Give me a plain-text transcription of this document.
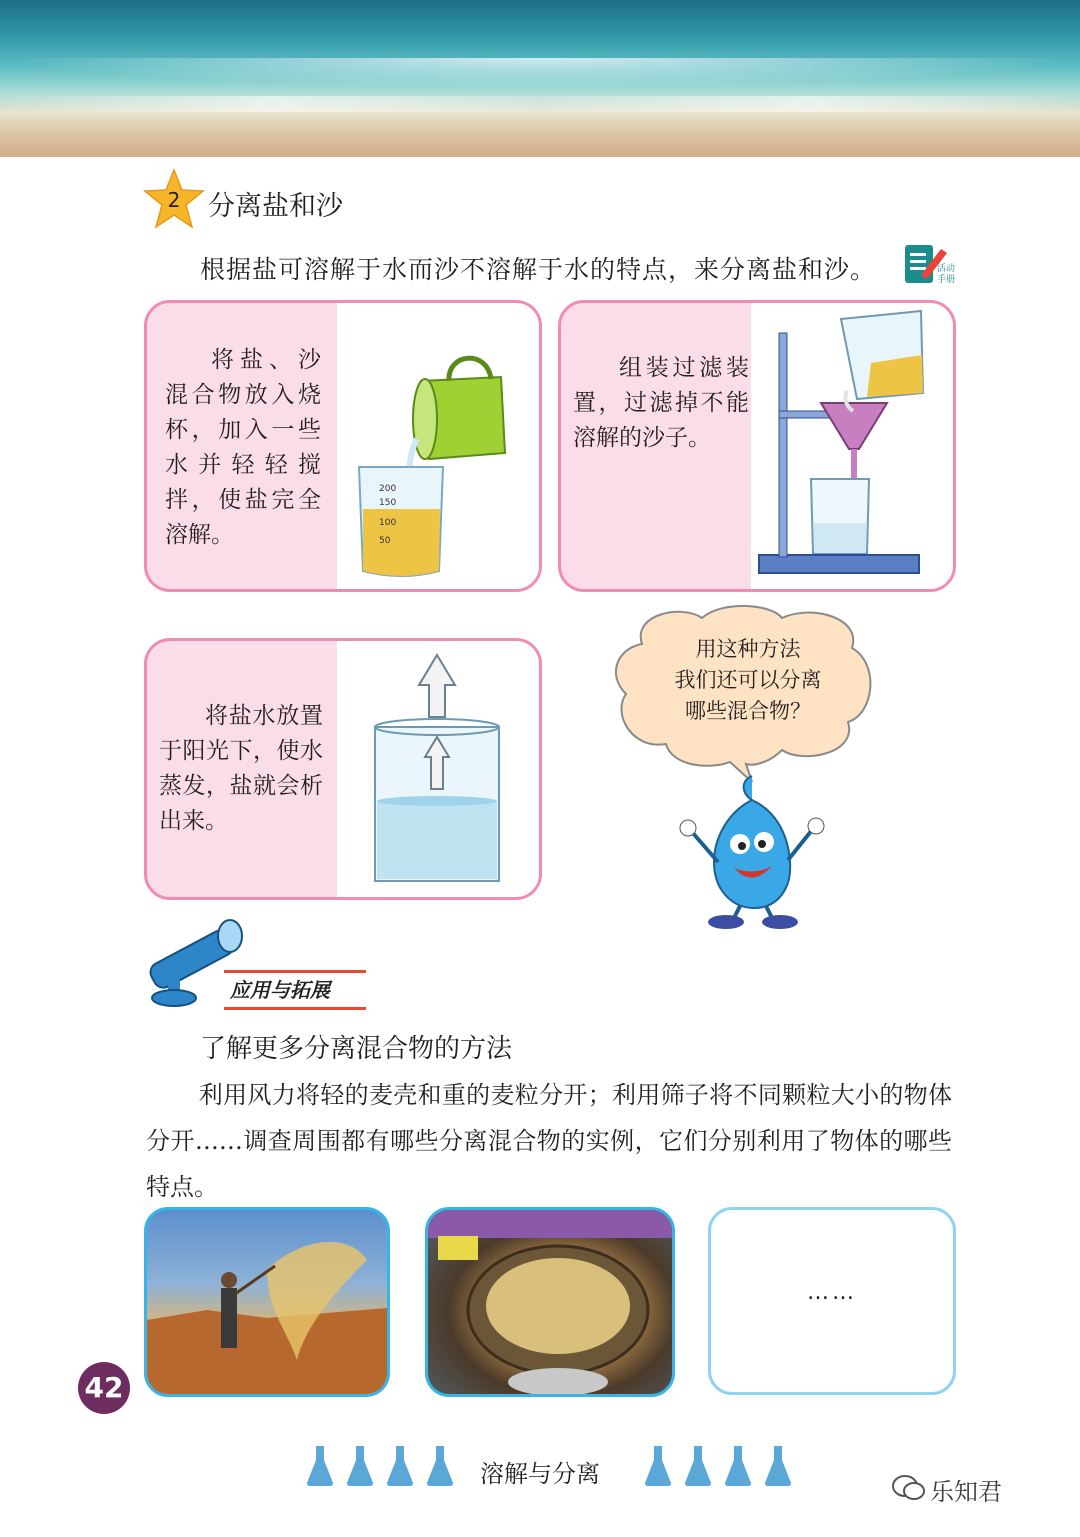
2 分离盐和沙
根据盐可溶解于水而沙不溶解于水的特点，来分离盐和沙。	活动
手册
将盐、沙混合物放入烧杯，加入一些水并轻轻搅拌，使盐完全溶解。
200
150
100
50
组装过滤装置，过滤掉不能溶解的沙子。
将盐水放置于阳光下，使水蒸发，盐就会析出来。
用这种方法
我们还可以分离
哪些混合物？
应用与拓展
了解更多分离混合物的方法
利用风力将轻的麦壳和重的麦粒分开；利用筛子将不同颗粒大小的物体分开……调查周围都有哪些分离混合物的实例，它们分别利用了物体的哪些特点。
……
42
溶解与分离
乐知君
